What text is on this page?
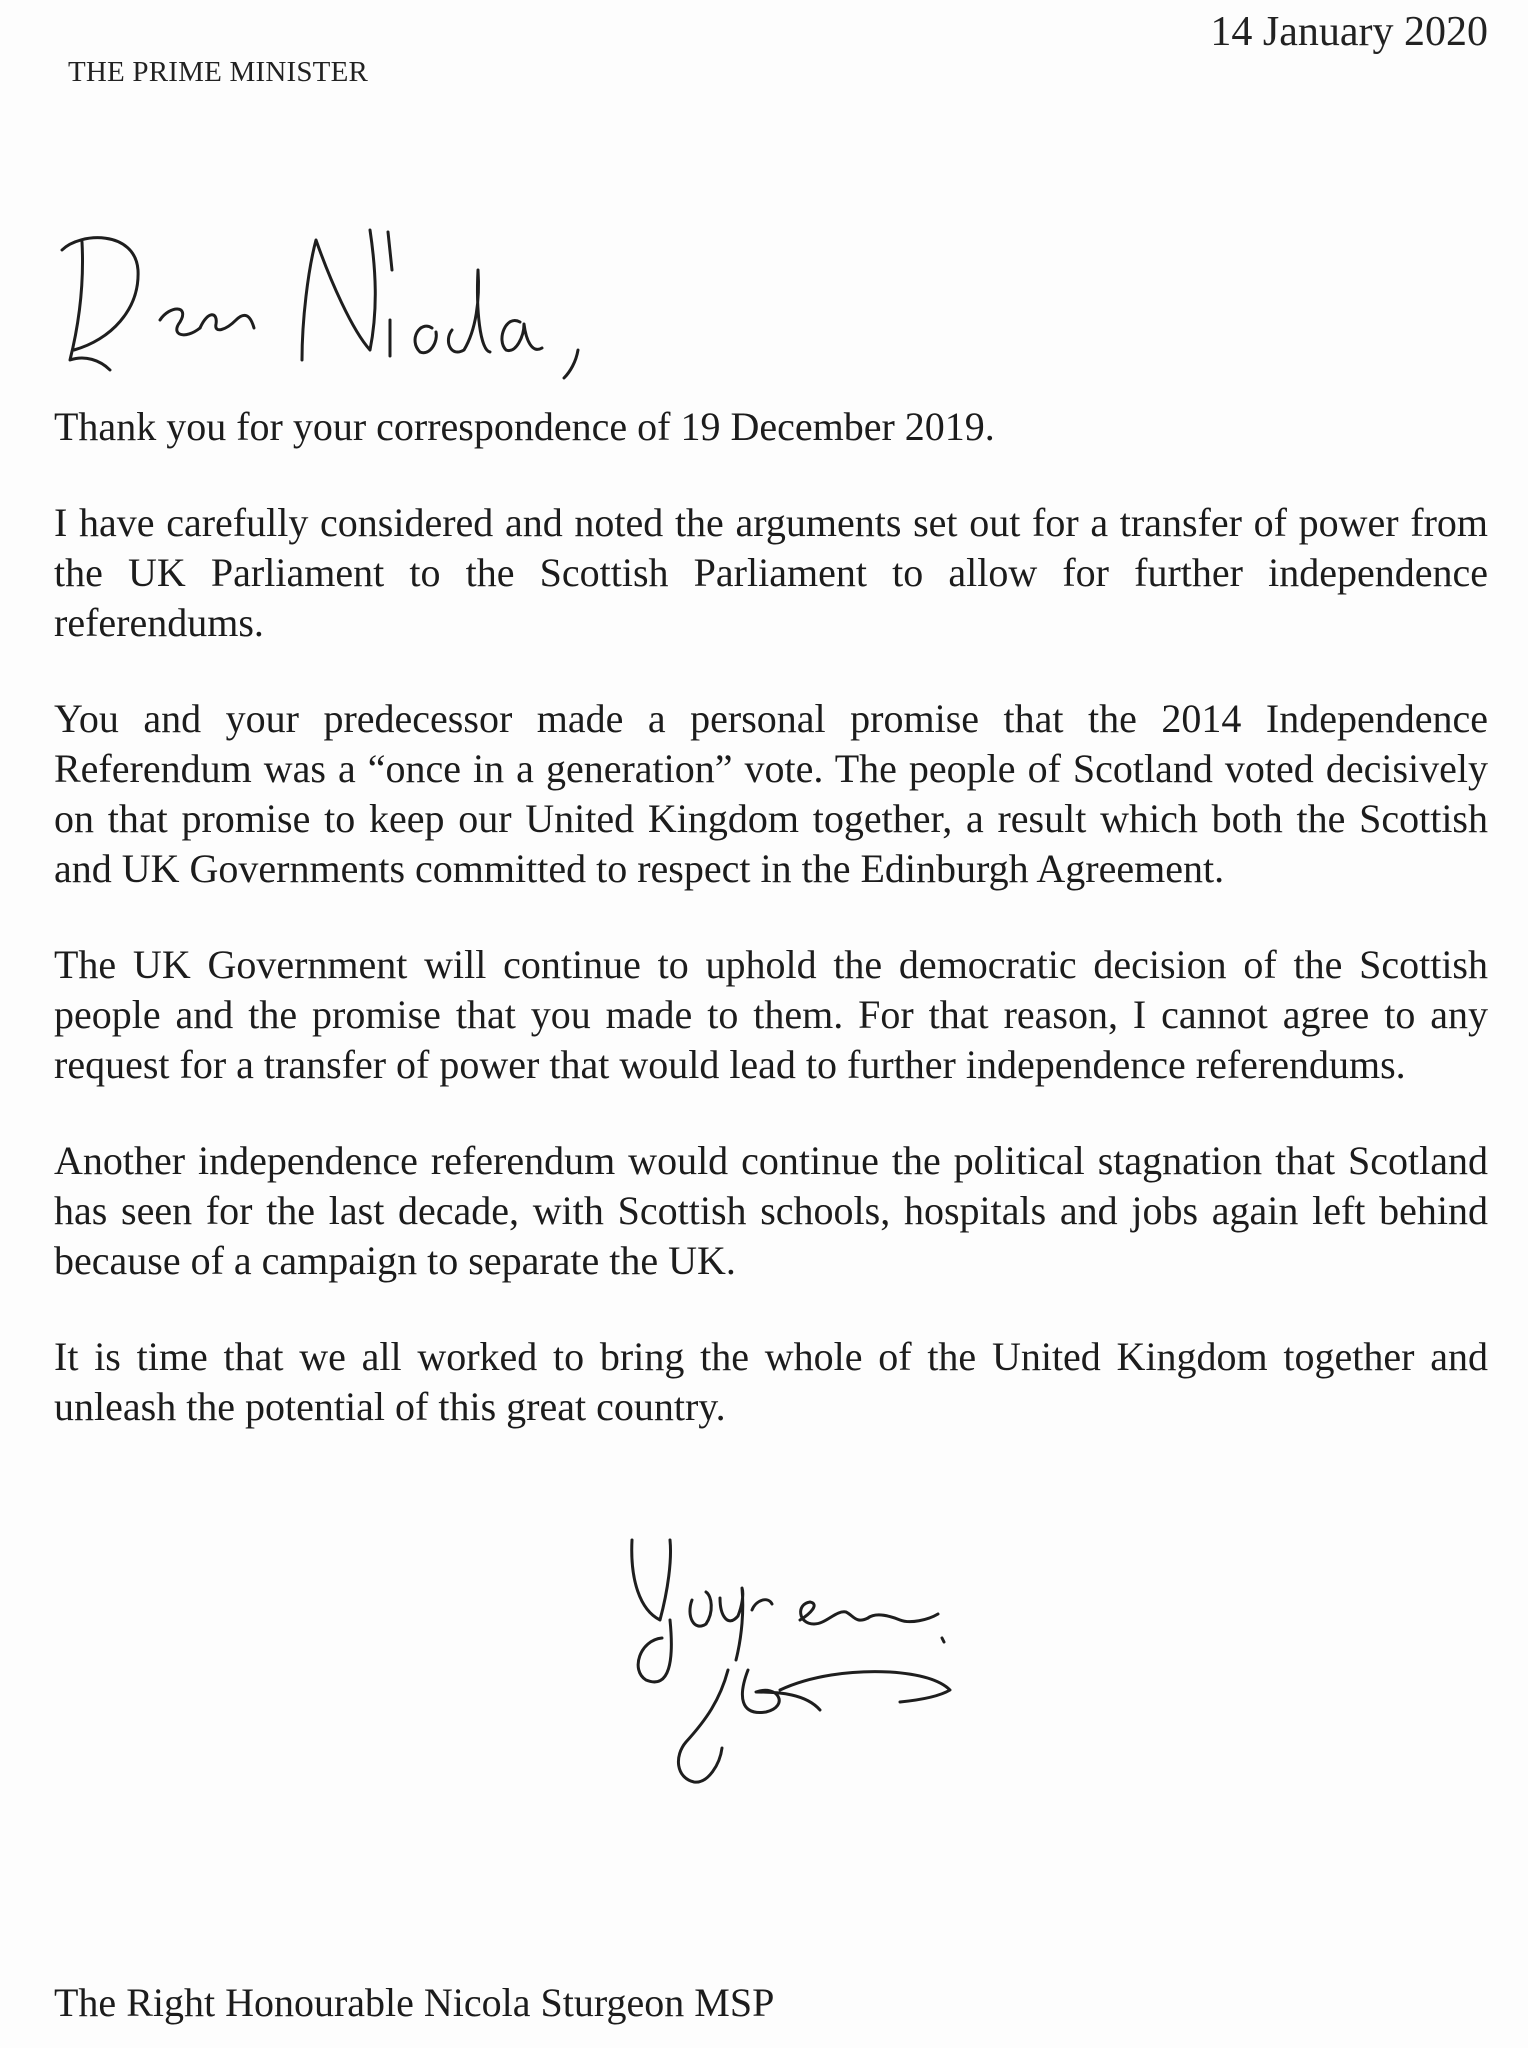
THE PRIME MINISTER
14 January 2020

Thank you for your correspondence of 19 December 2019.

I have carefully considered and noted the arguments set out for a transfer of power from the UK Parliament to the Scottish Parliament to allow for further independence referendums.

You and your predecessor made a personal promise that the 2014 Independence Referendum was a “once in a generation” vote. The people of Scotland voted decisively on that promise to keep our United Kingdom together, a result which both the Scottish and UK Governments committed to respect in the Edinburgh Agreement.

The UK Government will continue to uphold the democratic decision of the Scottish people and the promise that you made to them. For that reason, I cannot agree to any request for a transfer of power that would lead to further independence referendums.

Another independence referendum would continue the political stagnation that Scotland has seen for the last decade, with Scottish schools, hospitals and jobs again left behind because of a campaign to separate the UK.

It is time that we all worked to bring the whole of the United Kingdom together and unleash the potential of this great country.

The Right Honourable Nicola Sturgeon MSP
